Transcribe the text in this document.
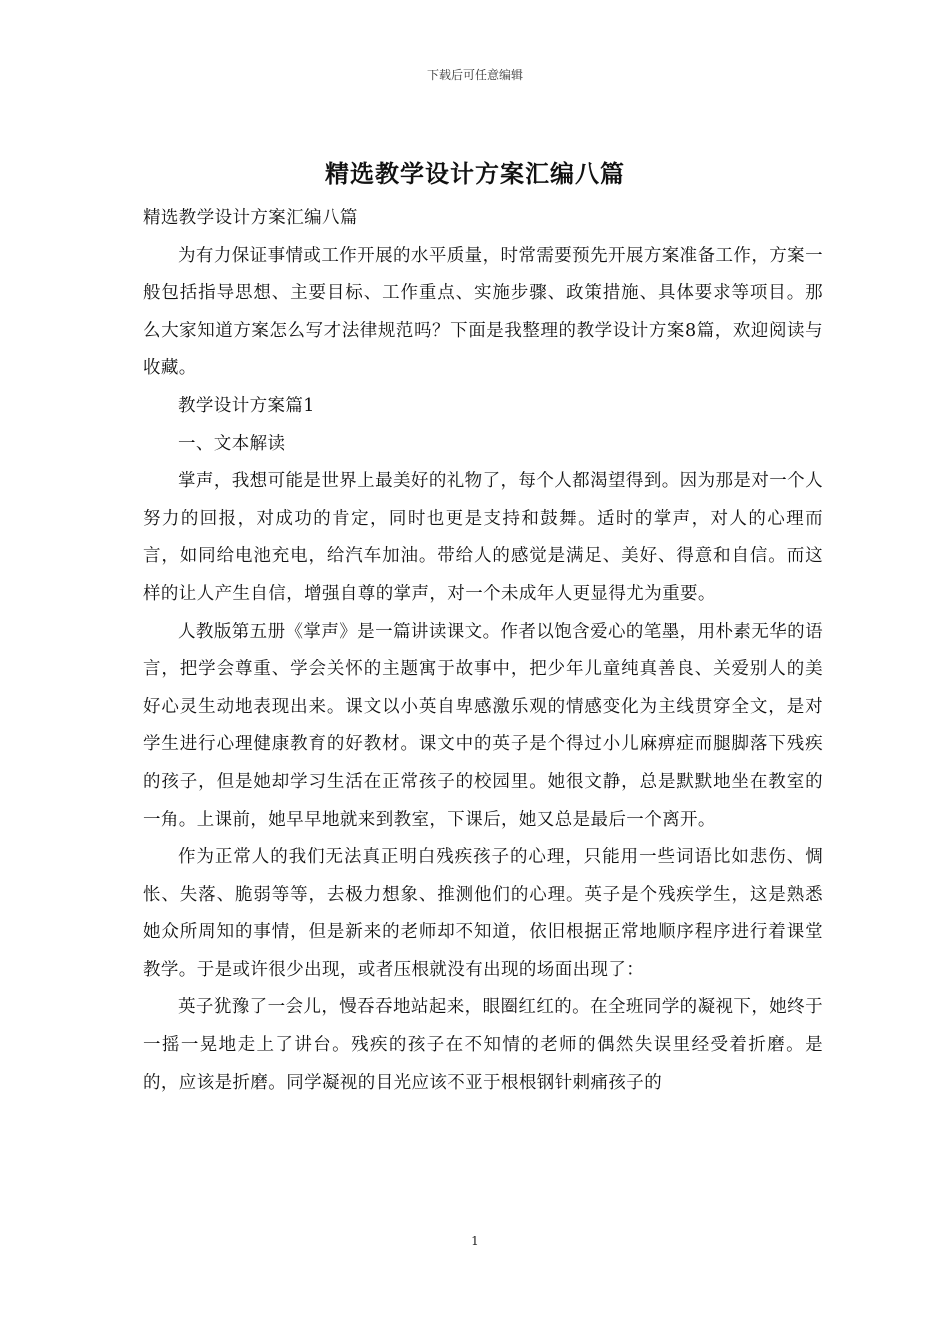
下载后可任意编辑
精选教学设计方案汇编八篇

精选教学设计方案汇编八篇

为有力保证事情或工作开展的水平质量，时常需要预先开展方案准备工作，方案一般包括指导思想、主要目标、工作重点、实施步骤、政策措施、具体要求等项目。那么大家知道方案怎么写才法律规范吗？下面是我整理的教学设计方案8篇，欢迎阅读与收藏。

教学设计方案篇1

一、文本解读

掌声，我想可能是世界上最美好的礼物了，每个人都渴望得到。因为那是对一个人努力的回报，对成功的肯定，同时也更是支持和鼓舞。适时的掌声，对人的心理而言，如同给电池充电，给汽车加油。带给人的感觉是满足、美好、得意和自信。而这样的让人产生自信，增强自尊的掌声，对一个未成年人更显得尤为重要。

人教版第五册《掌声》是一篇讲读课文。作者以饱含爱心的笔墨，用朴素无华的语言，把学会尊重、学会关怀的主题寓于故事中，把少年儿童纯真善良、关爱别人的美好心灵生动地表现出来。课文以小英自卑感激乐观的情感变化为主线贯穿全文，是对学生进行心理健康教育的好教材。课文中的英子是个得过小儿麻痹症而腿脚落下残疾的孩子，但是她却学习生活在正常孩子的校园里。她很文静，总是默默地坐在教室的一角。上课前，她早早地就来到教室，下课后，她又总是最后一个离开。

作为正常人的我们无法真正明白残疾孩子的心理，只能用一些词语比如悲伤、惆怅、失落、脆弱等等，去极力想象、推测他们的心理。英子是个残疾学生，这是熟悉她众所周知的事情，但是新来的老师却不知道，依旧根据正常地顺序程序进行着课堂教学。于是或许很少出现，或者压根就没有出现的场面出现了：

英子犹豫了一会儿，慢吞吞地站起来，眼圈红红的。在全班同学的凝视下，她终于一摇一晃地走上了讲台。残疾的孩子在不知情的老师的偶然失误里经受着折磨。是的，应该是折磨。同学凝视的目光应该不亚于根根钢针刺痛孩子的

1
